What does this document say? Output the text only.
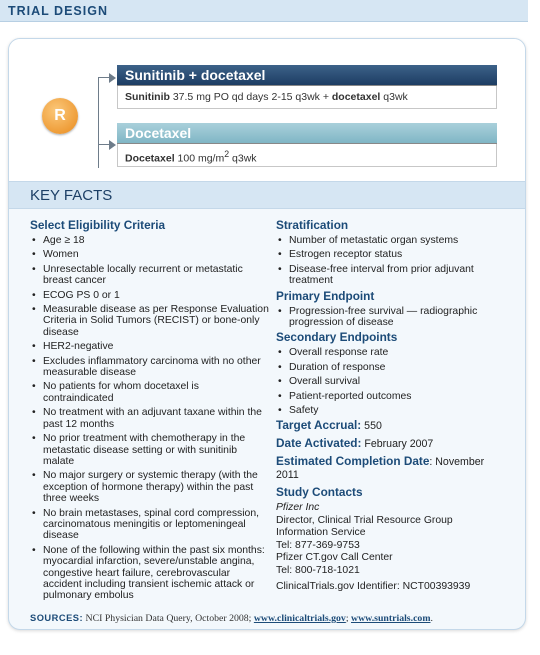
TRIAL DESIGN
R
Sunitinib + docetaxel
Sunitinib 37.5 mg PO qd days 2-15 q3wk + docetaxel q3wk
Docetaxel
Docetaxel 100 $mg/m^2$ q3wk
KEY FACTS
Select Eligibility Criteria
• Age ≥ 18
• Women
• Unresectable locally recurrent or metastatic breast cancer
• ECOG PS 0 or 1
• Measurable disease as per Response Evaluation Criteria in Solid Tumors (RECIST) or bone-only disease
• HER2-negative
• Excludes inflammatory carcinoma with no other measurable disease
• No patients for whom docetaxel is contraindicated
• No treatment with an adjuvant taxane within the past 12 months
• No prior treatment with chemotherapy in the metastatic disease setting or with sunitinib malate
• No major surgery or systemic therapy (with the exception of hormone therapy) within the past three weeks
• No brain metastases, spinal cord compression, carcinomatous meningitis or leptomeningeal disease
• None of the following within the past six months: myocardial infarction, severe/unstable angina, congestive heart failure, cerebrovascular accident including transient ischemic attack or pulmonary embolus
Stratification
• Number of metastatic organ systems
• Estrogen receptor status
• Disease-free interval from prior adjuvant treatment
Primary Endpoint
• Progression-free survival — radiographic progression of disease
Secondary Endpoints
• Overall response rate
• Duration of response
• Overall survival
• Patient-reported outcomes
• Safety
Target Accrual: 550
Date Activated: February 2007
Estimated Completion Date: November 2011
Study Contacts
Pfizer Inc
Director, Clinical Trial Resource Group
Information Service
Tel: 877-369-9753
Pfizer CT.gov Call Center
Tel: 800-718-1021
ClinicalTrials.gov Identifier: NCT00393939
SOURCES: NCI Physician Data Query, October 2008; www.clinicaltrials.gov; www.suntrials.com.
